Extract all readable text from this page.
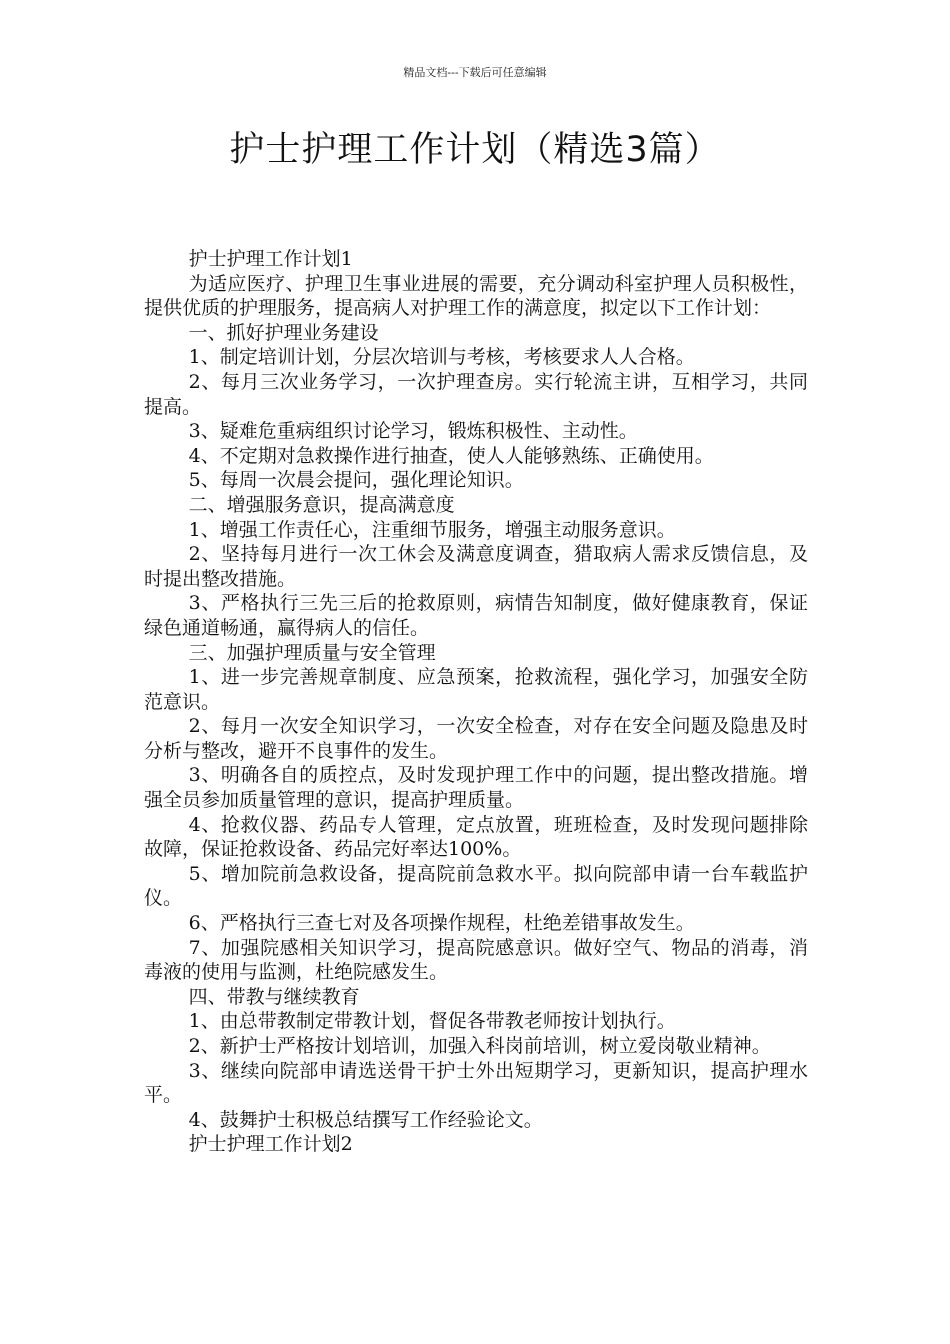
精品文档---下载后可任意编辑
护士护理工作计划（精选3篇）

护士护理工作计划1

为适应医疗、护理卫生事业进展的需要，充分调动科室护理人员积极性，提供优质的护理服务，提高病人对护理工作的满意度，拟定以下工作计划：

一、抓好护理业务建设

1、制定培训计划，分层次培训与考核，考核要求人人合格。

2、每月三次业务学习，一次护理查房。实行轮流主讲，互相学习，共同提高。

3、疑难危重病组织讨论学习，锻炼积极性、主动性。

4、不定期对急救操作进行抽查，使人人能够熟练、正确使用。

5、每周一次晨会提问，强化理论知识。

二、增强服务意识，提高满意度

1、增强工作责任心，注重细节服务，增强主动服务意识。

2、坚持每月进行一次工休会及满意度调查，猎取病人需求反馈信息，及时提出整改措施。

3、严格执行三先三后的抢救原则，病情告知制度，做好健康教育，保证绿色通道畅通，赢得病人的信任。

三、加强护理质量与安全管理

1、进一步完善规章制度、应急预案，抢救流程，强化学习，加强安全防范意识。

2、每月一次安全知识学习，一次安全检查，对存在安全问题及隐患及时分析与整改，避开不良事件的发生。

3、明确各自的质控点，及时发现护理工作中的问题，提出整改措施。增强全员参加质量管理的意识，提高护理质量。

4、抢救仪器、药品专人管理，定点放置，班班检查，及时发现问题排除故障，保证抢救设备、药品完好率达100%。

5、增加院前急救设备，提高院前急救水平。拟向院部申请一台车载监护仪。

6、严格执行三查七对及各项操作规程，杜绝差错事故发生。

7、加强院感相关知识学习，提高院感意识。做好空气、物品的消毒，消毒液的使用与监测，杜绝院感发生。

四、带教与继续教育

1、由总带教制定带教计划，督促各带教老师按计划执行。

2、新护士严格按计划培训，加强入科岗前培训，树立爱岗敬业精神。

3、继续向院部申请选送骨干护士外出短期学习，更新知识，提高护理水平。

4、鼓舞护士积极总结撰写工作经验论文。

护士护理工作计划2
